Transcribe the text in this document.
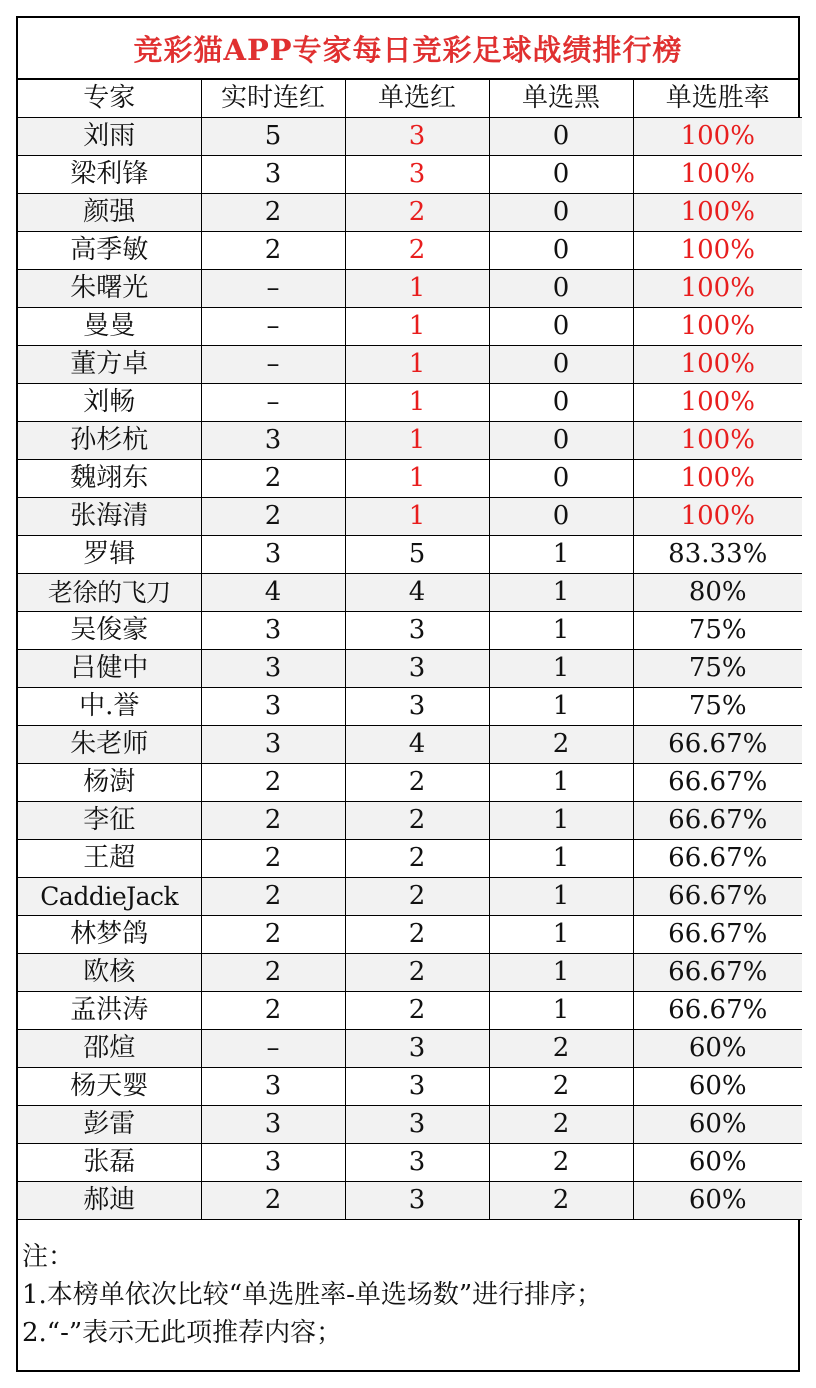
竞彩猫APP专家每日竞彩足球战绩排行榜
专家	实时连红	单选红	单选黑	单选胜率
刘雨	5	3	0	100%
梁利锋	3	3	0	100%
颜强	2	2	0	100%
高季敏	2	2	0	100%
朱曙光	–	1	0	100%
曼曼	–	1	0	100%
董方卓	–	1	0	100%
刘畅	–	1	0	100%
孙杉杭	3	1	0	100%
魏翊东	2	1	0	100%
张海清	2	1	0	100%
罗辑	3	5	1	83.33%
老徐的飞刀	4	4	1	80%
吴俊豪	3	3	1	75%
吕健中	3	3	1	75%
中.誉	3	3	1	75%
朱老师	3	4	2	66.67%
杨澍	2	2	1	66.67%
李征	2	2	1	66.67%
王超	2	2	1	66.67%
CaddieJack	2	2	1	66.67%
林梦鸽	2	2	1	66.67%
欧核	2	2	1	66.67%
孟洪涛	2	2	1	66.67%
邵煊	–	3	2	60%
杨天婴	3	3	2	60%
彭雷	3	3	2	60%
张磊	3	3	2	60%
郝迪	2	3	2	60%
注：
1.本榜单依次比较“单选胜率-单选场数”进行排序；
2.“-”表示无此项推荐内容；
